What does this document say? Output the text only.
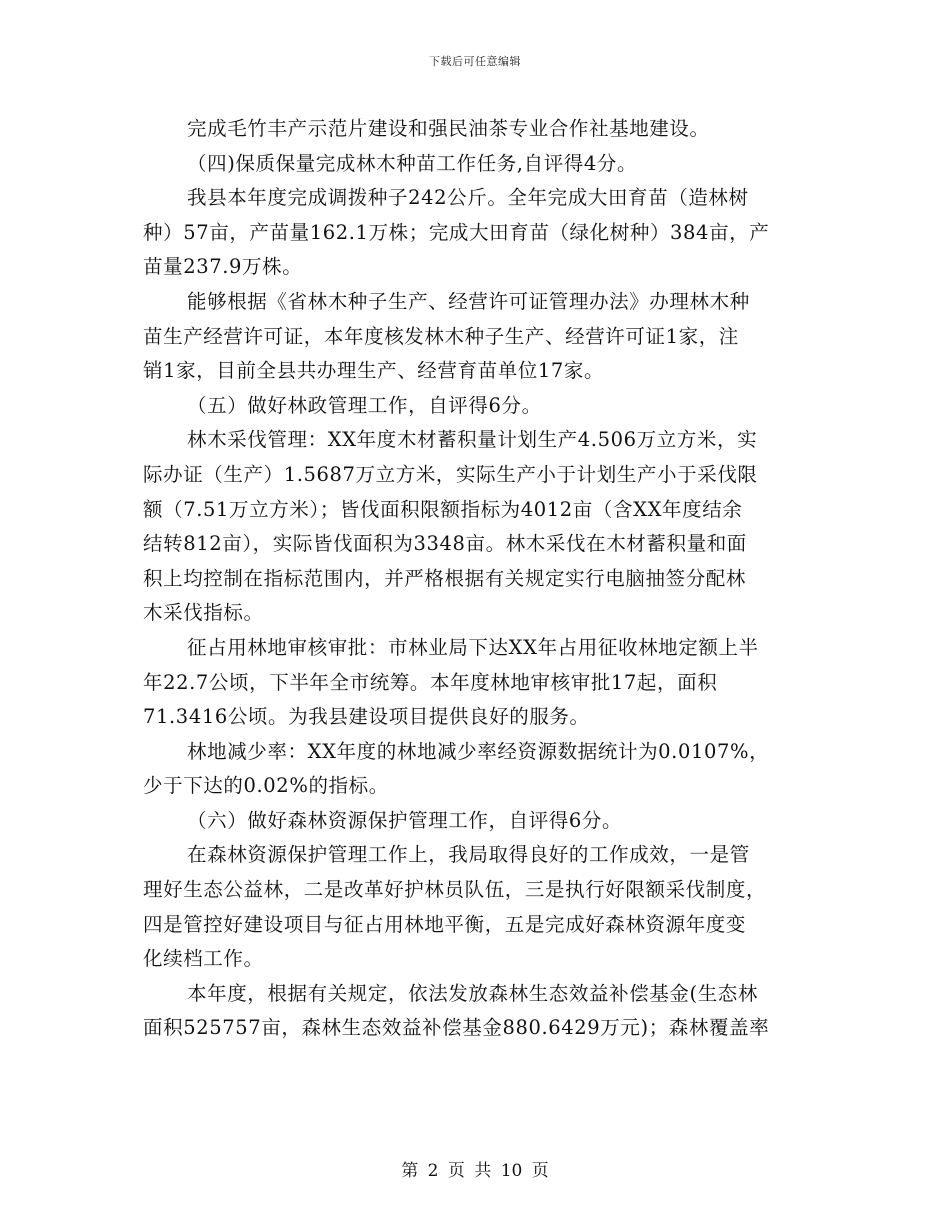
下载后可任意编辑
完成毛竹丰产示范片建设和强民油茶专业合作社基地建设。
（四)保质保量完成林木种苗工作任务,自评得4分。
我县本年度完成调拨种子242公斤。全年完成大田育苗（造林树
种）57亩，产苗量162.1万株；完成大田育苗（绿化树种）384亩，产
苗量237.9万株。
能够根据《省林木种子生产、经营许可证管理办法》办理林木种
苗生产经营许可证，本年度核发林木种子生产、经营许可证1家，注
销1家，目前全县共办理生产、经营育苗单位17家。
（五）做好林政管理工作，自评得6分。
林木采伐管理：XX年度木材蓄积量计划生产4.506万立方米，实
际办证（生产）1.5687万立方米，实际生产小于计划生产小于采伐限
额（7.51万立方米）；皆伐面积限额指标为4012亩（含XX年度结余
结转812亩），实际皆伐面积为3348亩。林木采伐在木材蓄积量和面
积上均控制在指标范围内，并严格根据有关规定实行电脑抽签分配林
木采伐指标。
征占用林地审核审批：市林业局下达XX年占用征收林地定额上半
年22.7公顷，下半年全市统筹。本年度林地审核审批17起，面积
71.3416公顷。为我县建设项目提供良好的服务。
林地减少率：XX年度的林地减少率经资源数据统计为0.0107%，
少于下达的0.02%的指标。
（六）做好森林资源保护管理工作，自评得6分。
在森林资源保护管理工作上，我局取得良好的工作成效，一是管
理好生态公益林，二是改革好护林员队伍，三是执行好限额采伐制度，
四是管控好建设项目与征占用林地平衡，五是完成好森林资源年度变
化续档工作。
本年度，根据有关规定，依法发放森林生态效益补偿基金(生态林
面积525757亩，森林生态效益补偿基金880.6429万元)；森林覆盖率
第 2 页 共 10 页
